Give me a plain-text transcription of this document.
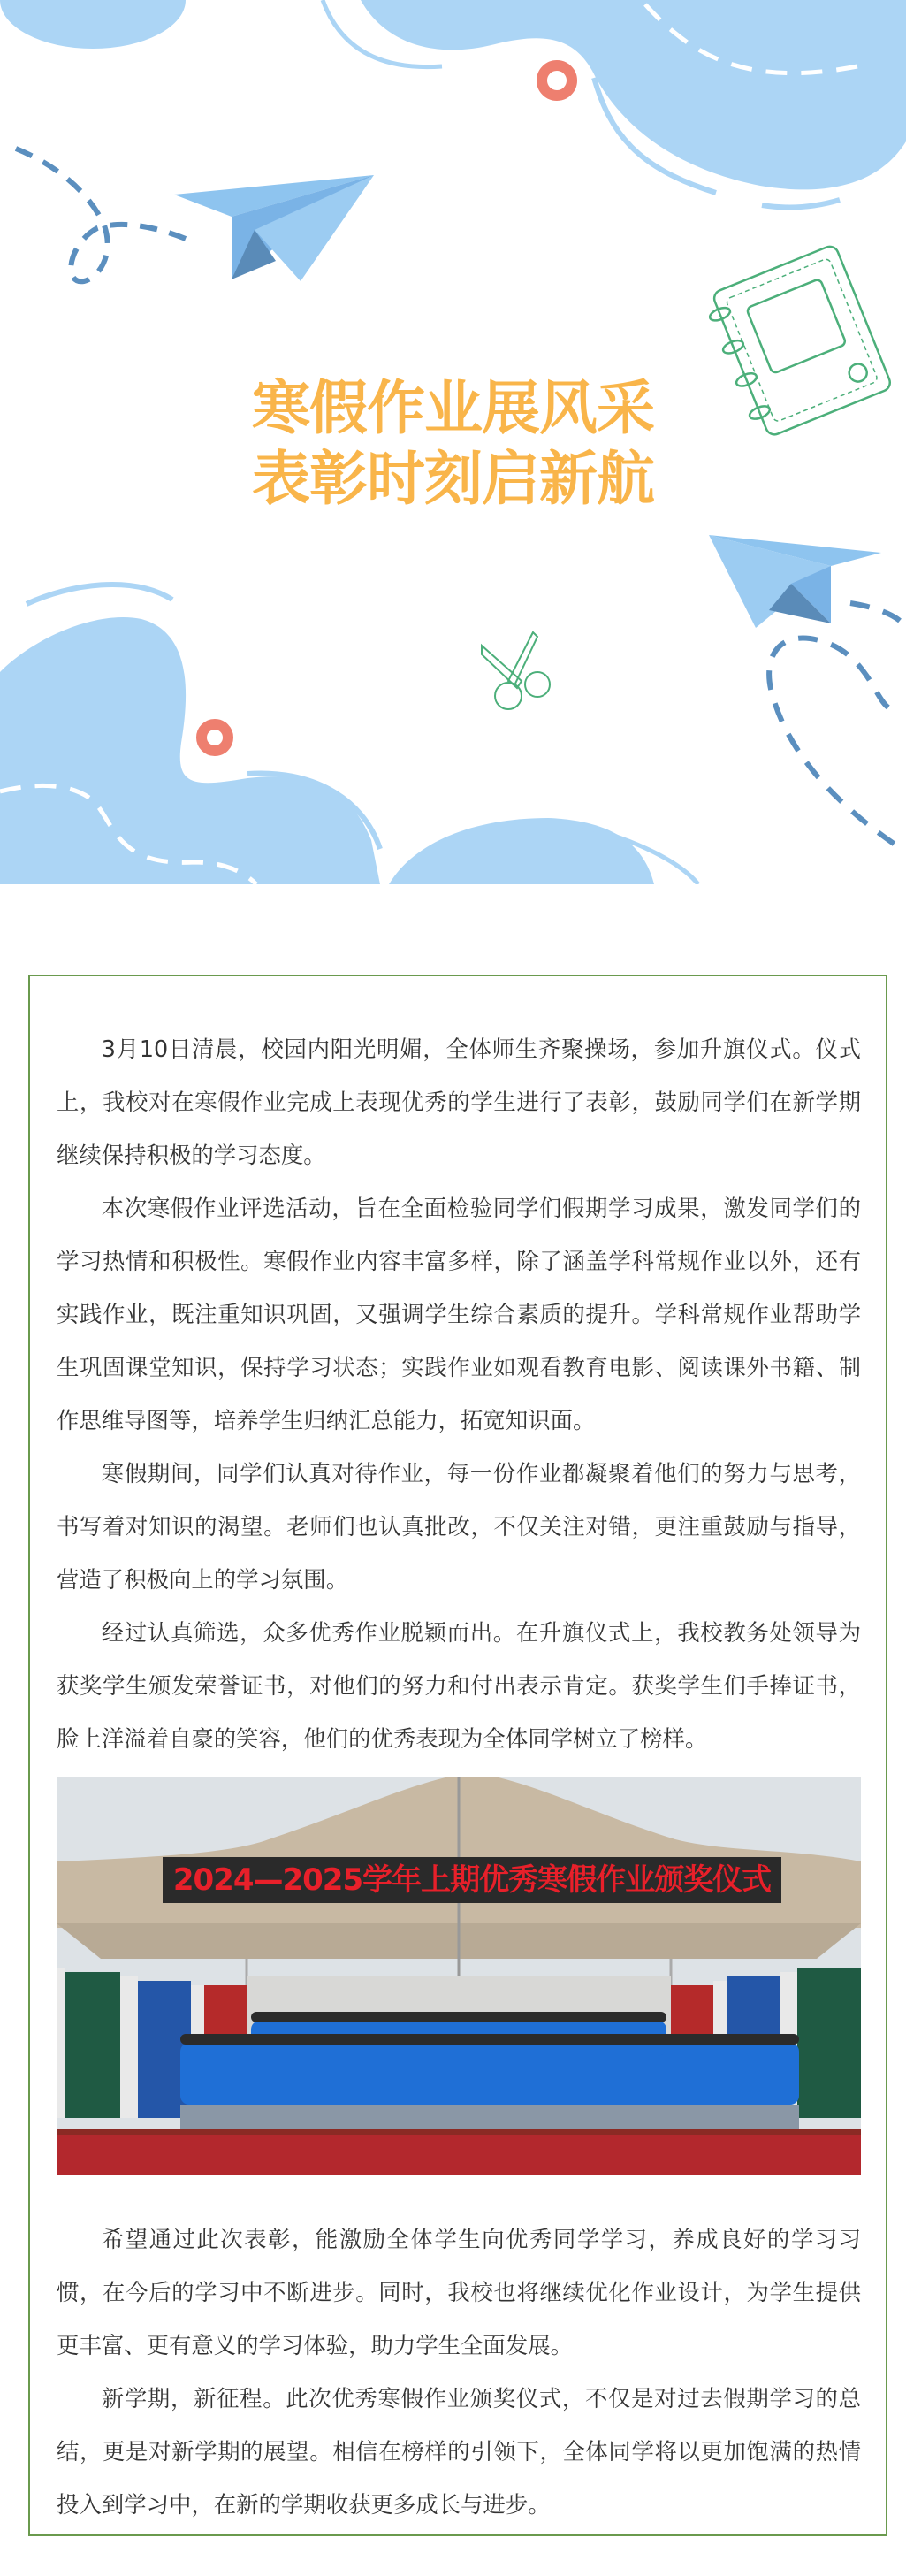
寒假作业展风采
表彰时刻启新航

3月10日清晨，校园内阳光明媚，全体师生齐聚操场，参加升旗仪式。仪式上，我校对在寒假作业完成上表现优秀的学生进行了表彰，鼓励同学们在新学期继续保持积极的学习态度。

本次寒假作业评选活动，旨在全面检验同学们假期学习成果，激发同学们的学习热情和积极性。寒假作业内容丰富多样，除了涵盖学科常规作业以外，还有实践作业，既注重知识巩固，又强调学生综合素质的提升。学科常规作业帮助学生巩固课堂知识，保持学习状态；实践作业如观看教育电影、阅读课外书籍、制作思维导图等，培养学生归纳汇总能力，拓宽知识面。

寒假期间，同学们认真对待作业，每一份作业都凝聚着他们的努力与思考，书写着对知识的渴望。老师们也认真批改，不仅关注对错，更注重鼓励与指导，营造了积极向上的学习氛围。

经过认真筛选，众多优秀作业脱颖而出。在升旗仪式上，我校教务处领导为获奖学生颁发荣誉证书，对他们的努力和付出表示肯定。获奖学生们手捧证书，脸上洋溢着自豪的笑容，他们的优秀表现为全体同学树立了榜样。

2024—2025学年上期优秀寒假作业颁奖仪式

希望通过此次表彰，能激励全体学生向优秀同学学习，养成良好的学习习惯，在今后的学习中不断进步。同时，我校也将继续优化作业设计，为学生提供更丰富、更有意义的学习体验，助力学生全面发展。

新学期，新征程。此次优秀寒假作业颁奖仪式，不仅是对过去假期学习的总结，更是对新学期的展望。相信在榜样的引领下，全体同学将以更加饱满的热情投入到学习中，在新的学期收获更多成长与进步。
